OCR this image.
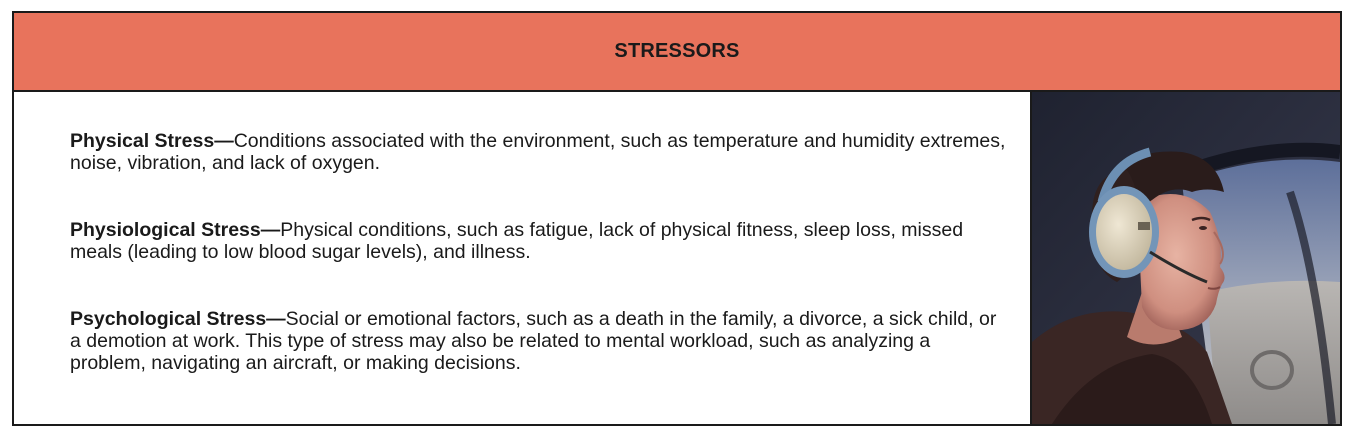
STRESSORS
Physical Stress—Conditions associated with the environment, such as temperature and humidity extremes, noise, vibration, and lack of oxygen.
Physiological Stress—Physical conditions, such as fatigue, lack of physical fitness, sleep loss, missed meals (leading to low blood sugar levels), and illness.
Psychological Stress—Social or emotional factors, such as a death in the family, a divorce, a sick child, or a demotion at work. This type of stress may also be related to mental workload, such as analyzing a problem, navigating an aircraft, or making decisions.
